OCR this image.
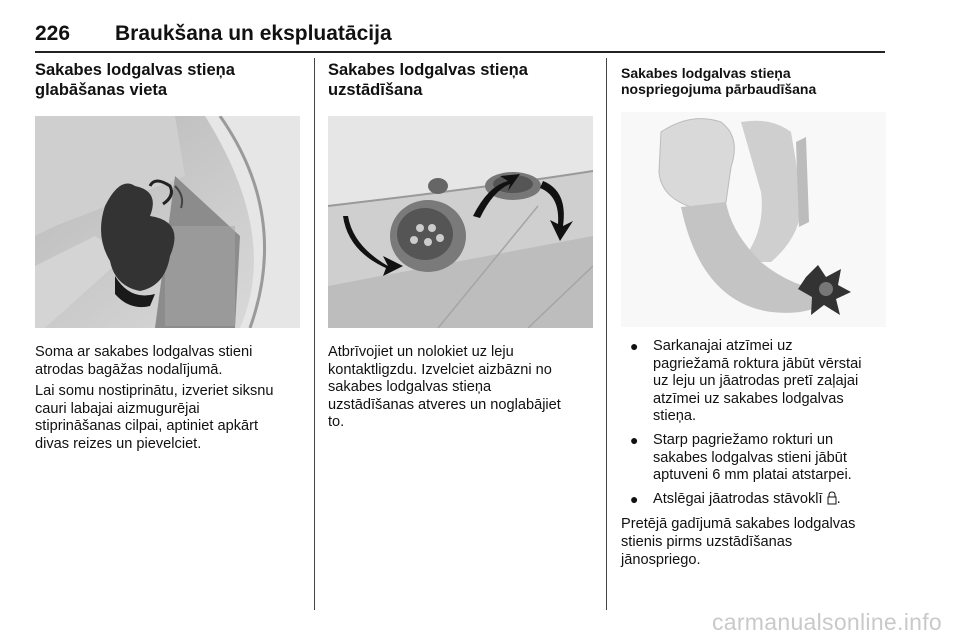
226 Braukšana un ekspluatācija
Sakabes lodgalvas stieņa
glabāšanas vieta

Soma ar sakabes lodgalvas stieni
atrodas bagāžas nodalījumā.

Lai somu nostiprinātu, izveriet siksnu
cauri labajai aizmugurējai
stiprināšanas cilpai, aptiniet apkārt
divas reizes un pievelciet.

Sakabes lodgalvas stieņa
uzstādīšana

Atbrīvojiet un nolokiet uz leju
kontaktligzdu. Izvelciet aizbāzni no
sakabes lodgalvas stieņa
uzstādīšanas atveres un noglabājiet
to.

Sakabes lodgalvas stieņa
nospriegojuma pārbaudīšana
● Sarkanajai atzīmei uz
pagriežamā roktura jābūt vērstai
uz leju un jāatrodas pretī zaļajai
atzīmei uz sakabes lodgalvas
stieņa.
● Starp pagriežamo rokturi un
sakabes lodgalvas stieni jābūt
aptuveni 6 mm platai atstarpei.
● Atslēgai jāatrodas stāvoklī .

Pretējā gadījumā sakabes lodgalvas
stienis pirms uzstādīšanas
jānospriego.

carmanualsonline.info
